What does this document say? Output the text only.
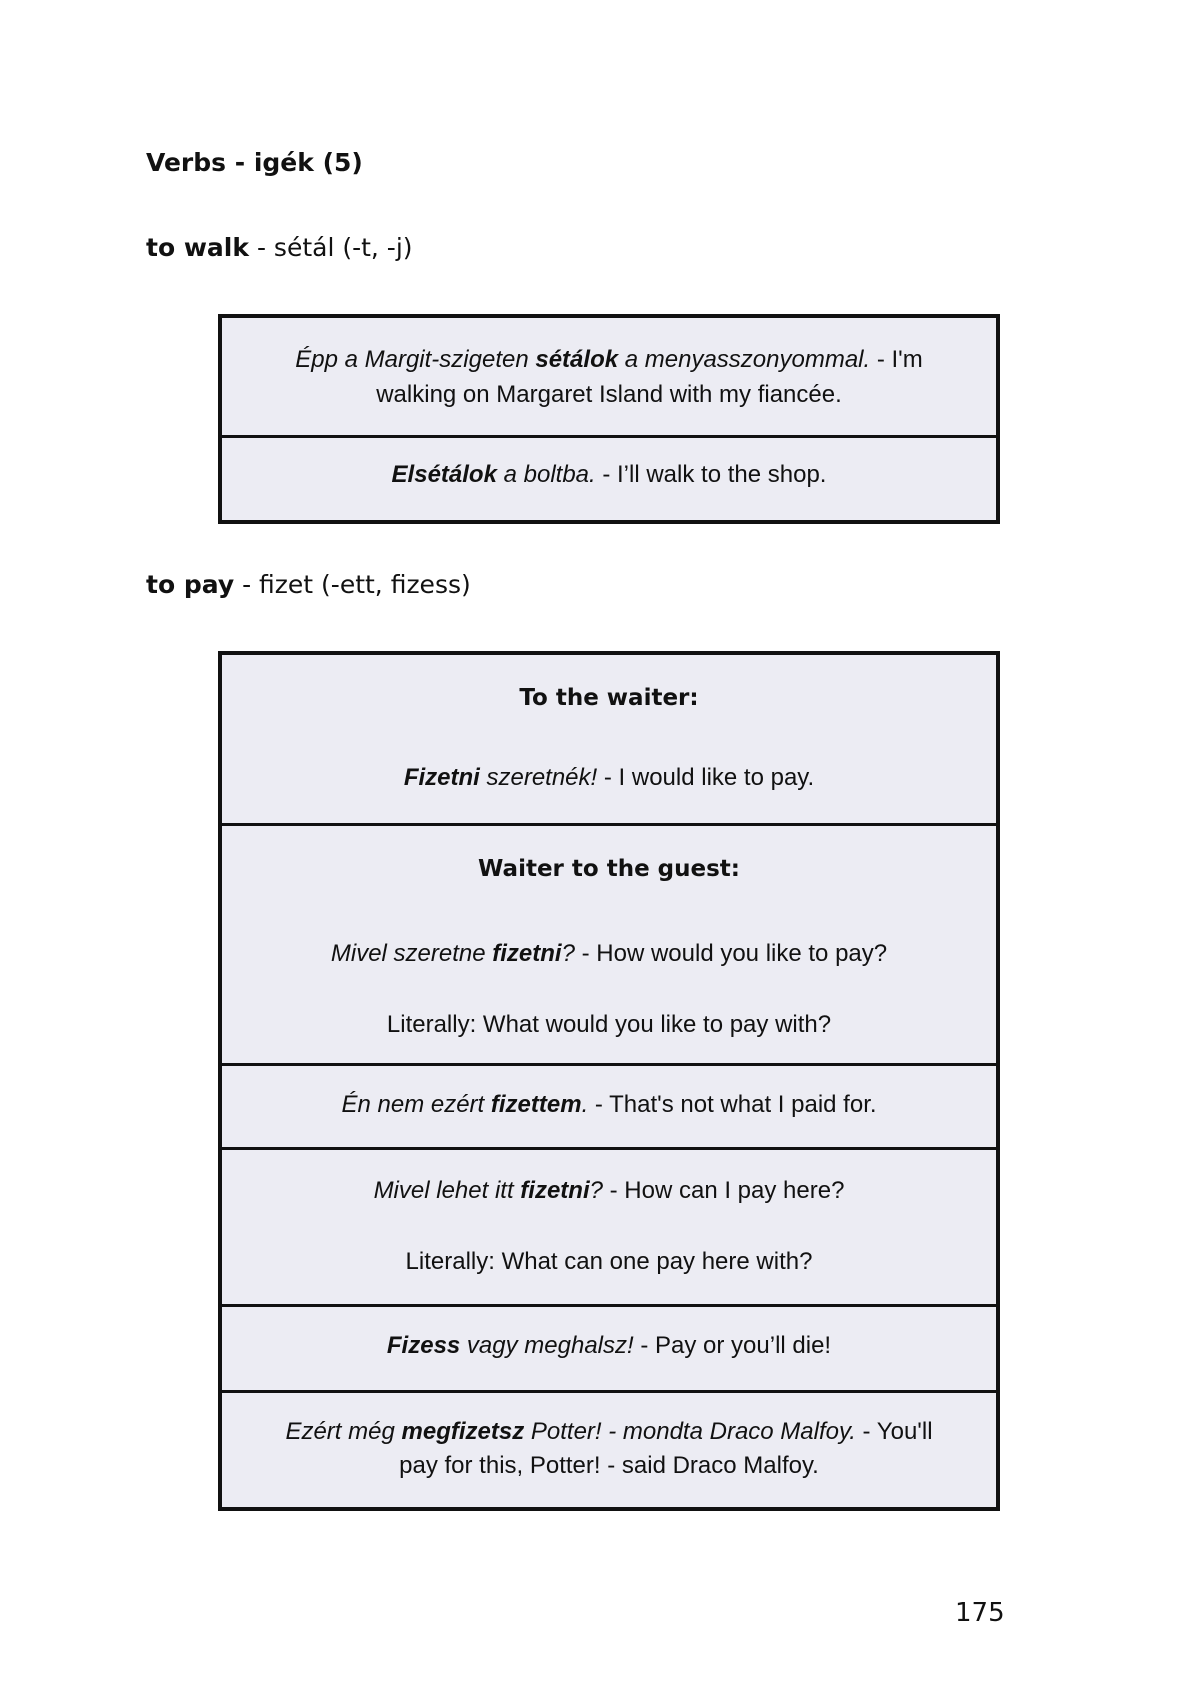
Verbs - igék (5)
to walk - sétál (-t, -j)
Épp a Margit-szigeten sétálok a menyasszonyommal. - I'm
walking on Margaret Island with my fiancée.
Elsétálok a boltba. - I’ll walk to the shop.
to pay - fizet (-ett, fizess)
To the waiter:
Fizetni szeretnék! - I would like to pay.
Waiter to the guest:
Mivel szeretne fizetni? - How would you like to pay?
Literally: What would you like to pay with?
Én nem ezért fizettem. - That's not what I paid for.
Mivel lehet itt fizetni? - How can I pay here?
Literally: What can one pay here with?
Fizess vagy meghalsz! - Pay or you’ll die!
Ezért még megfizetsz Potter! - mondta Draco Malfoy. - You'll
pay for this, Potter! - said Draco Malfoy.
175
